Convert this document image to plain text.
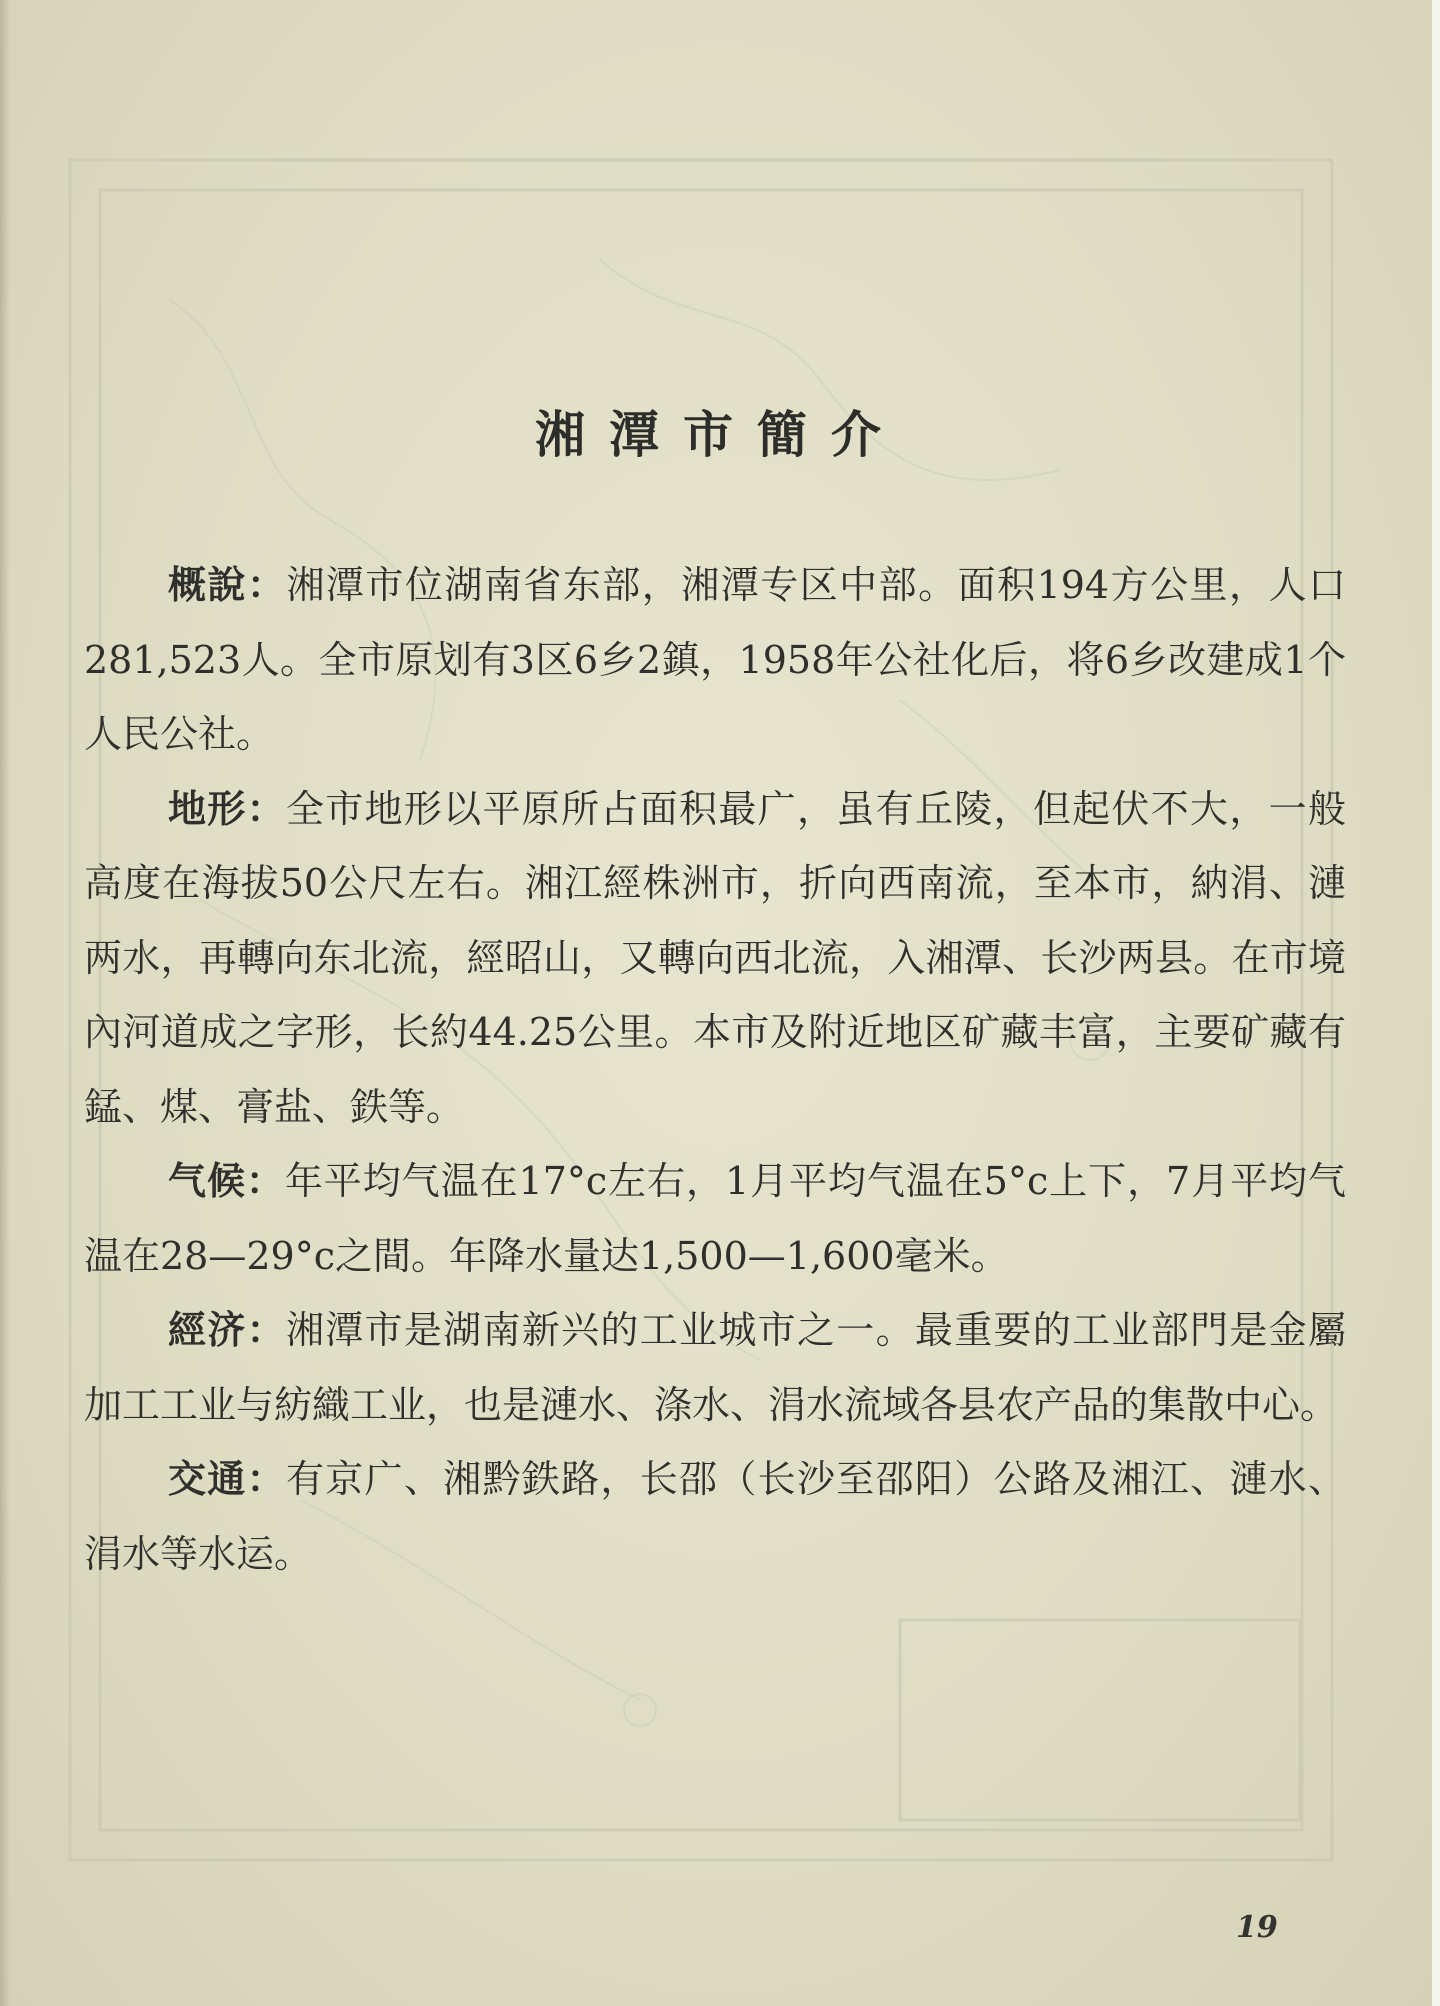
湘潭市簡介

概說：湘潭市位湖南省东部，湘潭专区中部。面积194方公里，人口281,523人。全市原划有3区6乡2鎮，1958年公社化后，将6乡改建成1个人民公社。

地形：全市地形以平原所占面积最广，虽有丘陵，但起伏不大，一般高度在海拔50公尺左右。湘江經株洲市，折向西南流，至本市，納涓、漣两水，再轉向东北流，經昭山，又轉向西北流，入湘潭、长沙两县。在市境內河道成之字形，长約44.25公里。本市及附近地区矿藏丰富，主要矿藏有錳、煤、膏盐、鉄等。

气候：年平均气温在17°c左右，1月平均气温在5°c上下，7月平均气温在28—29°c之間。年降水量达1,500—1,600毫米。

經济：湘潭市是湖南新兴的工业城市之一。最重要的工业部門是金屬加工工业与紡織工业，也是漣水、涤水、涓水流域各县农产品的集散中心。

交通：有京广、湘黔鉄路，长邵（长沙至邵阳）公路及湘江、漣水、涓水等水运。

19
